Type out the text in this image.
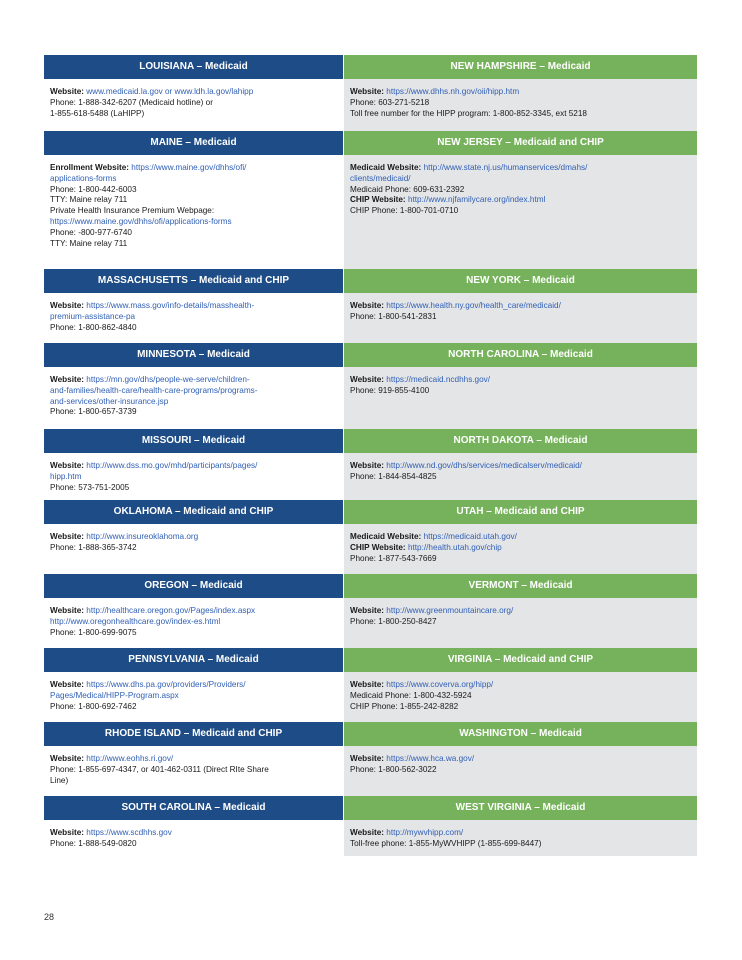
LOUISIANA – Medicaid	NEW HAMPSHIRE – Medicaid
Website: www.medicaid.la.gov or www.ldh.la.gov/lahipp
Phone: 1-888-342-6207 (Medicaid hotline) or
1-855-618-5488 (LaHIPP)
Website: https://www.dhhs.nh.gov/oii/hipp.htm
Phone: 603-271-5218
Toll free number for the HIPP program: 1-800-852-3345, ext 5218
MAINE – Medicaid	NEW JERSEY – Medicaid and CHIP
Enrollment Website: https://www.maine.gov/dhhs/ofi/
applications-forms
Phone: 1-800-442-6003
TTY: Maine relay 711
Private Health Insurance Premium Webpage:
https://www.maine.gov/dhhs/ofi/applications-forms
Phone: -800-977-6740
TTY: Maine relay 711
Medicaid Website: http://www.state.nj.us/humanservices/dmahs/
clients/medicaid/
Medicaid Phone: 609-631-2392
CHIP Website: http://www.njfamilycare.org/index.html
CHIP Phone: 1-800-701-0710
MASSACHUSETTS – Medicaid and CHIP	NEW YORK – Medicaid
Website: https://www.mass.gov/info-details/masshealth-
premium-assistance-pa
Phone: 1-800-862-4840
Website: https://www.health.ny.gov/health_care/medicaid/
Phone: 1-800-541-2831
MINNESOTA – Medicaid	NORTH CAROLINA – Medicaid
Website: https://mn.gov/dhs/people-we-serve/children-
and-families/health-care/health-care-programs/programs-
and-services/other-insurance.jsp
Phone: 1-800-657-3739
Website: https://medicaid.ncdhhs.gov/
Phone: 919-855-4100
MISSOURI – Medicaid	NORTH DAKOTA – Medicaid
Website: http://www.dss.mo.gov/mhd/participants/pages/
hipp.htm
Phone: 573-751-2005
Website: http://www.nd.gov/dhs/services/medicalserv/medicaid/
Phone: 1-844-854-4825
OKLAHOMA – Medicaid and CHIP	UTAH – Medicaid and CHIP
Website: http://www.insureoklahoma.org
Phone: 1-888-365-3742
Medicaid Website: https://medicaid.utah.gov/
CHIP Website: http://health.utah.gov/chip
Phone: 1-877-543-7669
OREGON – Medicaid	VERMONT – Medicaid
Website: http://healthcare.oregon.gov/Pages/index.aspx
http://www.oregonhealthcare.gov/index-es.html
Phone: 1-800-699-9075
Website: http://www.greenmountaincare.org/
Phone: 1-800-250-8427
PENNSYLVANIA – Medicaid	VIRGINIA – Medicaid and CHIP
Website: https://www.dhs.pa.gov/providers/Providers/
Pages/Medical/HIPP-Program.aspx
Phone: 1-800-692-7462
Website: https://www.coverva.org/hipp/
Medicaid Phone: 1-800-432-5924
CHIP Phone: 1-855-242-8282
RHODE ISLAND – Medicaid and CHIP	WASHINGTON – Medicaid
Website: http://www.eohhs.ri.gov/
Phone: 1-855-697-4347, or 401-462-0311 (Direct RIte Share
Line)
Website: https://www.hca.wa.gov/
Phone: 1-800-562-3022
SOUTH CAROLINA – Medicaid	WEST VIRGINIA – Medicaid
Website: https://www.scdhhs.gov
Phone: 1-888-549-0820
Website: http://mywvhipp.com/
Toll-free phone: 1-855-MyWVHIPP (1-855-699-8447)
28
